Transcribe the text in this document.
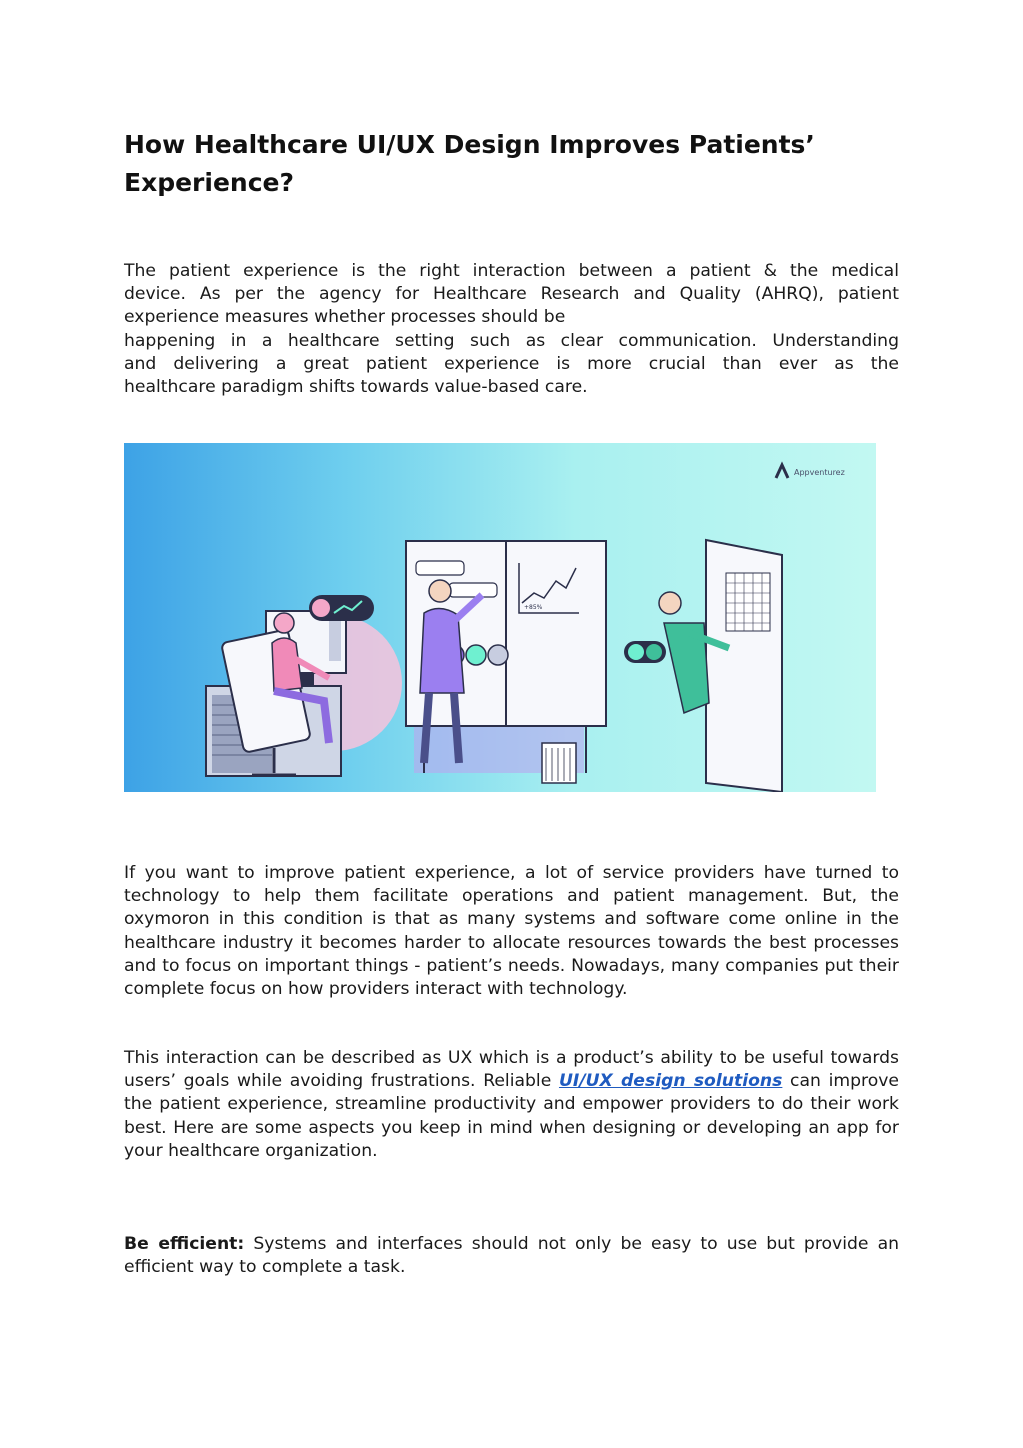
How Healthcare UI/UX Design Improves Patients’ Experience?
The patient experience is the right interaction between a patient & the medical
device. As per the agency for Healthcare Research and Quality (AHRQ), patient
experience measures whether processes should be
happening in a healthcare setting such as clear communication. Understanding
and delivering a great patient experience is more crucial than ever as the
healthcare paradigm shifts towards value-based care.
Appventurez
+85%

If you want to improve patient experience, a lot of service providers have turned to technology to help them facilitate operations and patient management. But, the oxymoron in this condition is that as many systems and software come online in the healthcare industry it becomes harder to allocate resources towards the best processes and to focus on important things - patient’s needs. Nowadays, many companies put their complete focus on how providers interact with technology.

This interaction can be described as UX which is a product’s ability to be useful towards users’ goals while avoiding frustrations. Reliable UI/UX design solutions can improve the patient experience, streamline productivity and empower providers to do their work best. Here are some aspects you keep in mind when designing or developing an app for your healthcare organization.

Be efficient: Systems and interfaces should not only be easy to use but provide an efficient way to complete a task.
